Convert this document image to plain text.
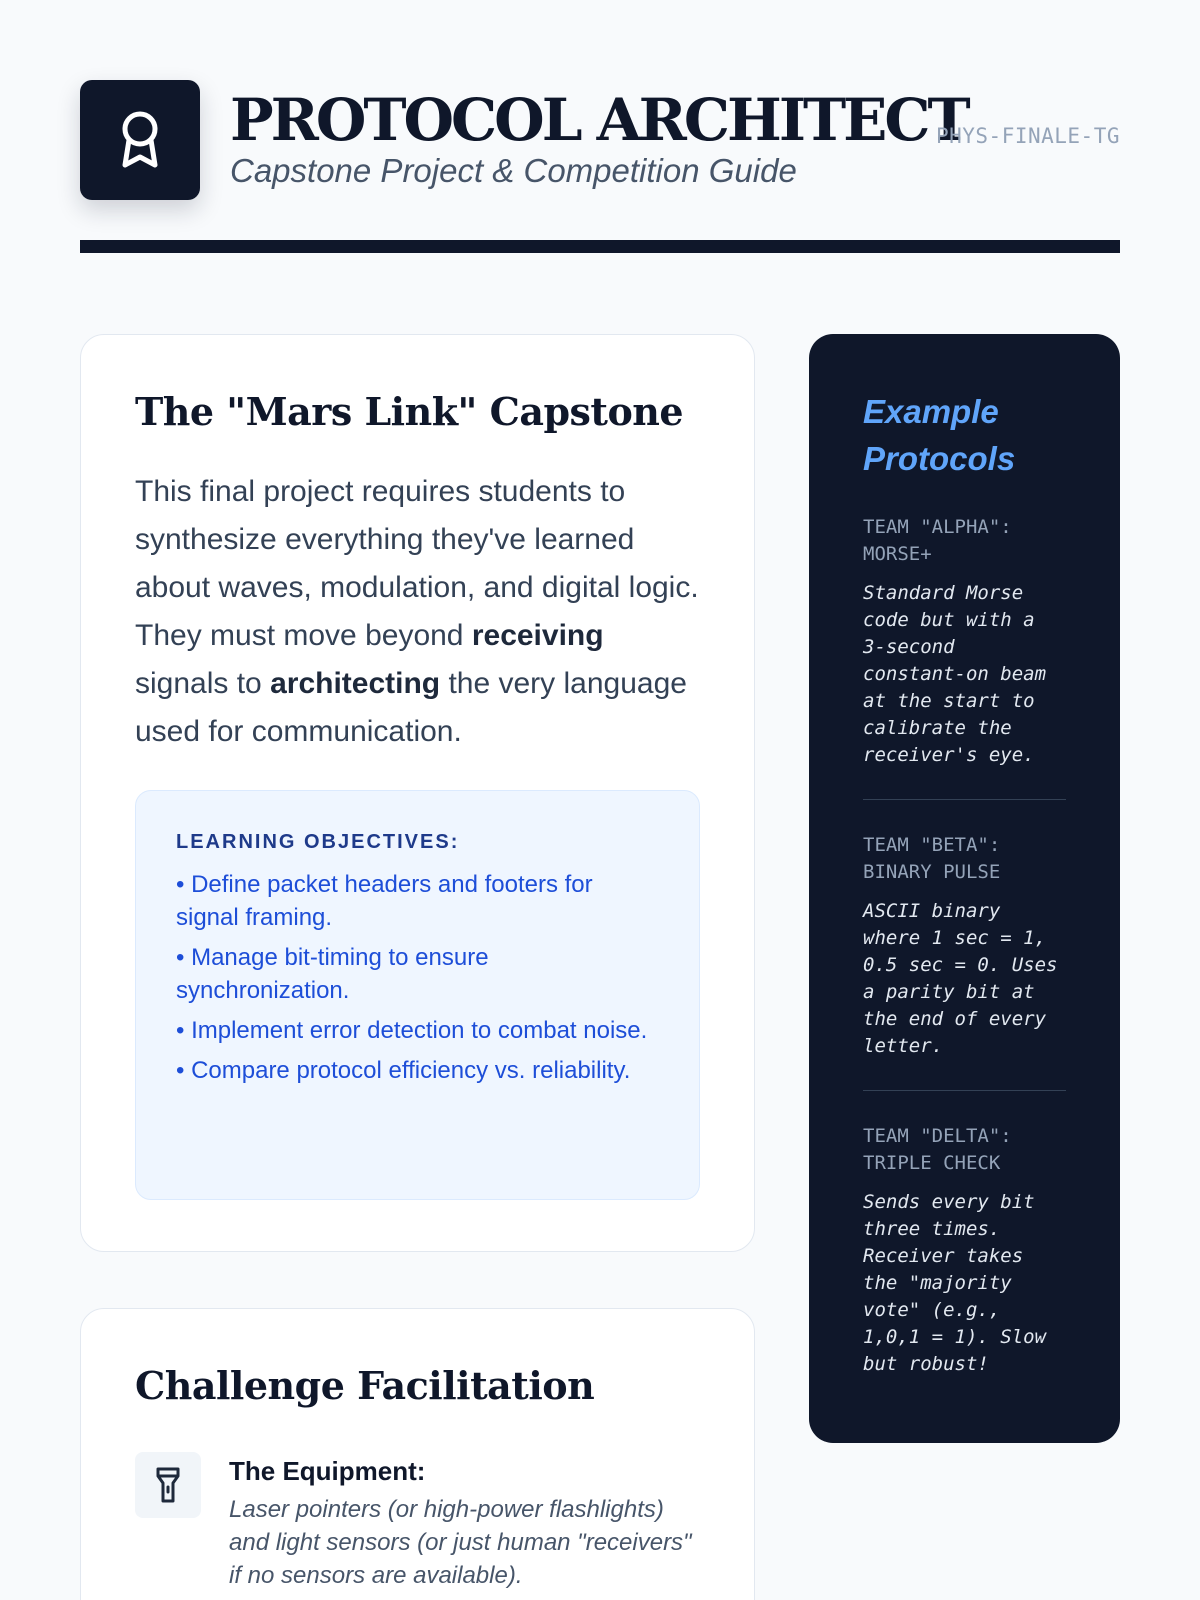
PROTOCOL ARCHITECT
Capstone Project & Competition Guide
PHYS-FINALE-TG
The "Mars Link" Capstone

This final project requires students to synthesize everything they've learned about waves, modulation, and digital logic. They must move beyond receiving signals to architecting the very language used for communication.

LEARNING OBJECTIVES:
• Define packet headers and footers for signal framing.
• Manage bit-timing to ensure synchronization.
• Implement error detection to combat noise.
• Compare protocol efficiency vs. reliability.
Challenge Facilitation
The Equipment:
Laser pointers (or high-power flashlights) and light sensors (or just human "receivers" if no sensors are available).
Example Protocols
TEAM "ALPHA": MORSE+
Standard Morse code but with a 3-second constant-on beam at the start to calibrate the receiver's eye.
TEAM "BETA": BINARY PULSE
ASCII binary where 1 sec = 1, 0.5 sec = 0. Uses a parity bit at the end of every letter.
TEAM "DELTA": TRIPLE CHECK
Sends every bit three times. Receiver takes the "majority vote" (e.g., 1,0,1 = 1). Slow but robust!
